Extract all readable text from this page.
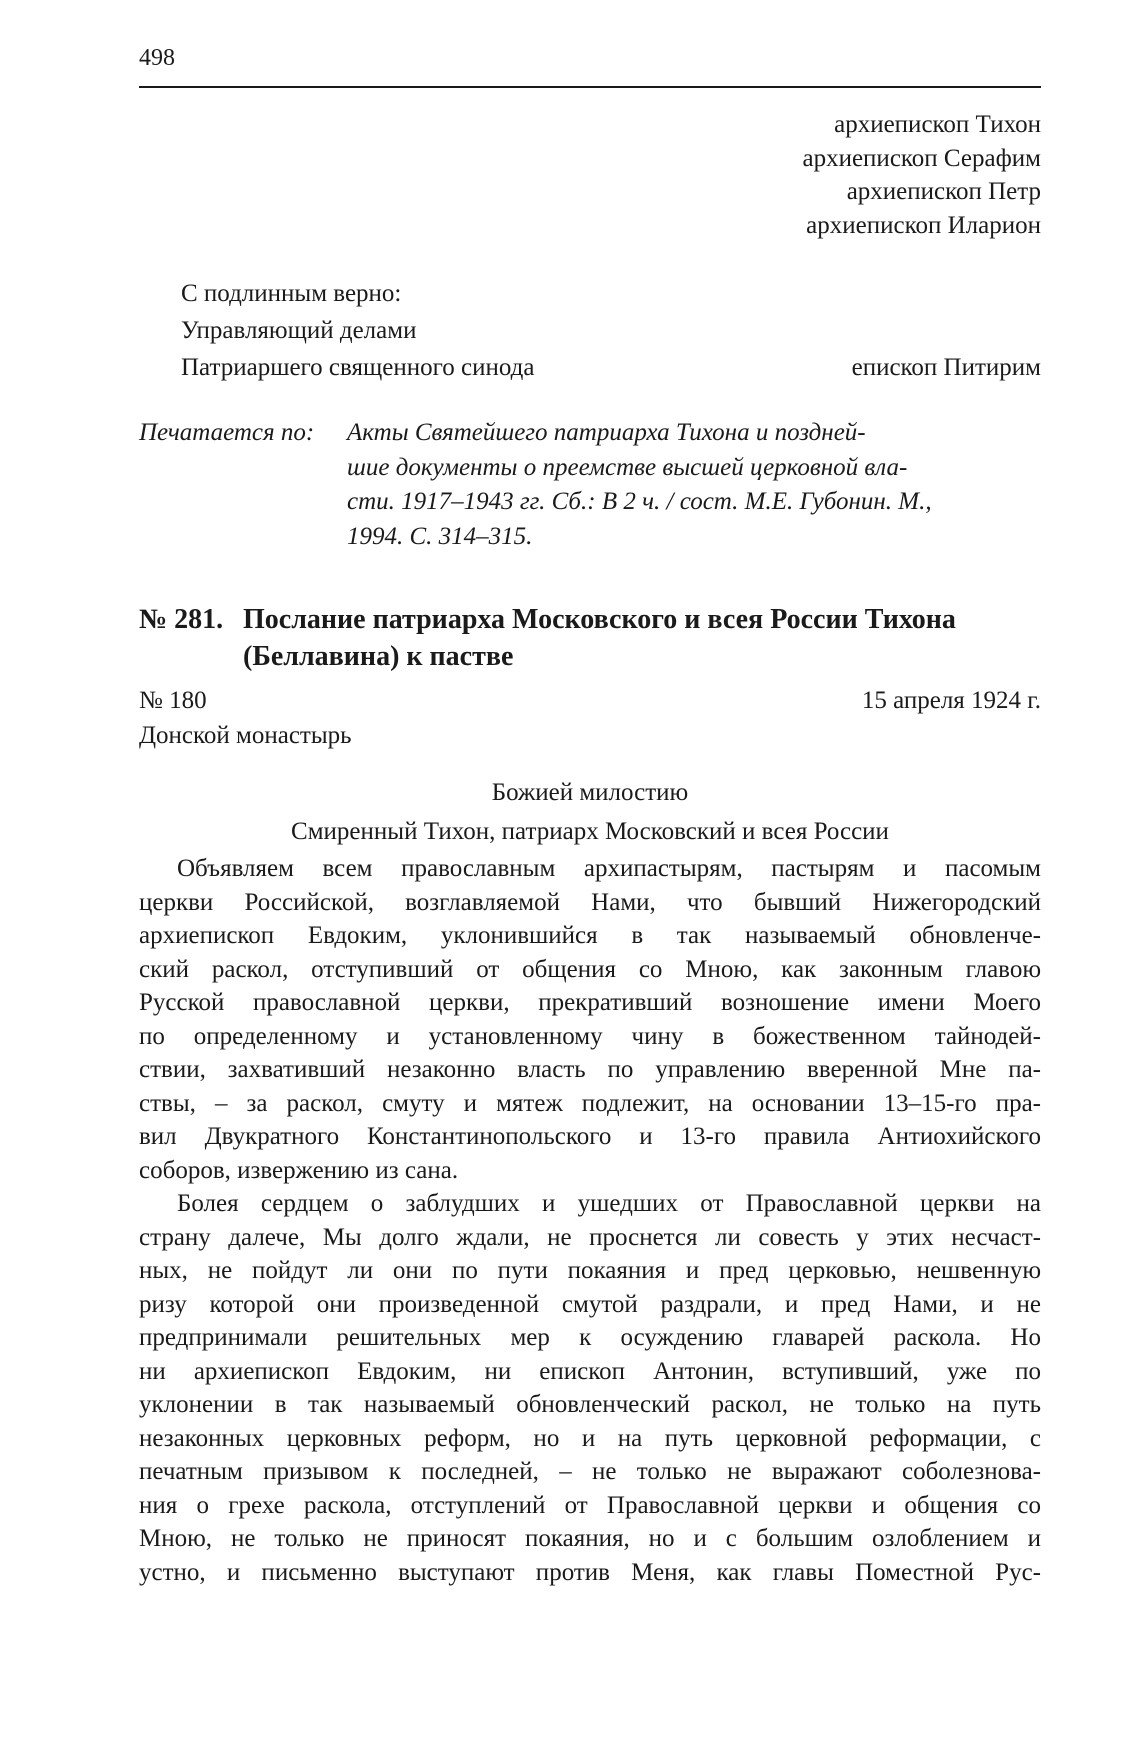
498
архиепископ Тихон
архиепископ Серафим
архиепископ Петр
архиепископ Иларион
С подлинным верно:
Управляющий делами
Патриаршего священного синода	епископ Питирим
Печатается по: Акты Святейшего патриарха Тихона и поздней-
шие документы о преемстве высшей церковной вла-
сти. 1917–1943 гг. Сб.: В 2 ч. / сост. М.Е. Губонин. М.,
1994. С. 314–315.
№ 281. Послание патриарха Московского и всея России Тихона
(Беллавина) к пастве
№ 180
Донской монастырь
15 апреля 1924 г.
Божией милостию
Смиренный Тихон, патриарх Московский и всея России
Объявляем всем православным архипастырям, пастырям и пасомым
церкви Российской, возглавляемой Нами, что бывший Нижегородский
архиепископ Евдоким, уклонившийся в так называемый обновленче-
ский раскол, отступивший от общения со Мною, как законным главою
Русской православной церкви, прекративший возношение имени Моего
по определенному и установленному чину в божественном тайнодей-
ствии, захвативший незаконно власть по управлению вверенной Мне па-
ствы, – за раскол, смуту и мятеж подлежит, на основании 13–15-го пра-
вил Двукратного Константинопольского и 13-го правила Антиохийского
соборов, извержению из сана.
Болея сердцем о заблудших и ушедших от Православной церкви на
страну далече, Мы долго ждали, не проснется ли совесть у этих несчаст-
ных, не пойдут ли они по пути покаяния и пред церковью, нешвенную
ризу которой они произведенной смутой раздрали, и пред Нами, и не
предпринимали решительных мер к осуждению главарей раскола. Но
ни архиепископ Евдоким, ни епископ Антонин, вступивший, уже по
уклонении в так называемый обновленческий раскол, не только на путь
незаконных церковных реформ, но и на путь церковной реформации, с
печатным призывом к последней, – не только не выражают соболезнова-
ния о грехе раскола, отступлений от Православной церкви и общения со
Мною, не только не приносят покаяния, но и с большим озлоблением и
устно, и письменно выступают против Меня, как главы Поместной Рус-
